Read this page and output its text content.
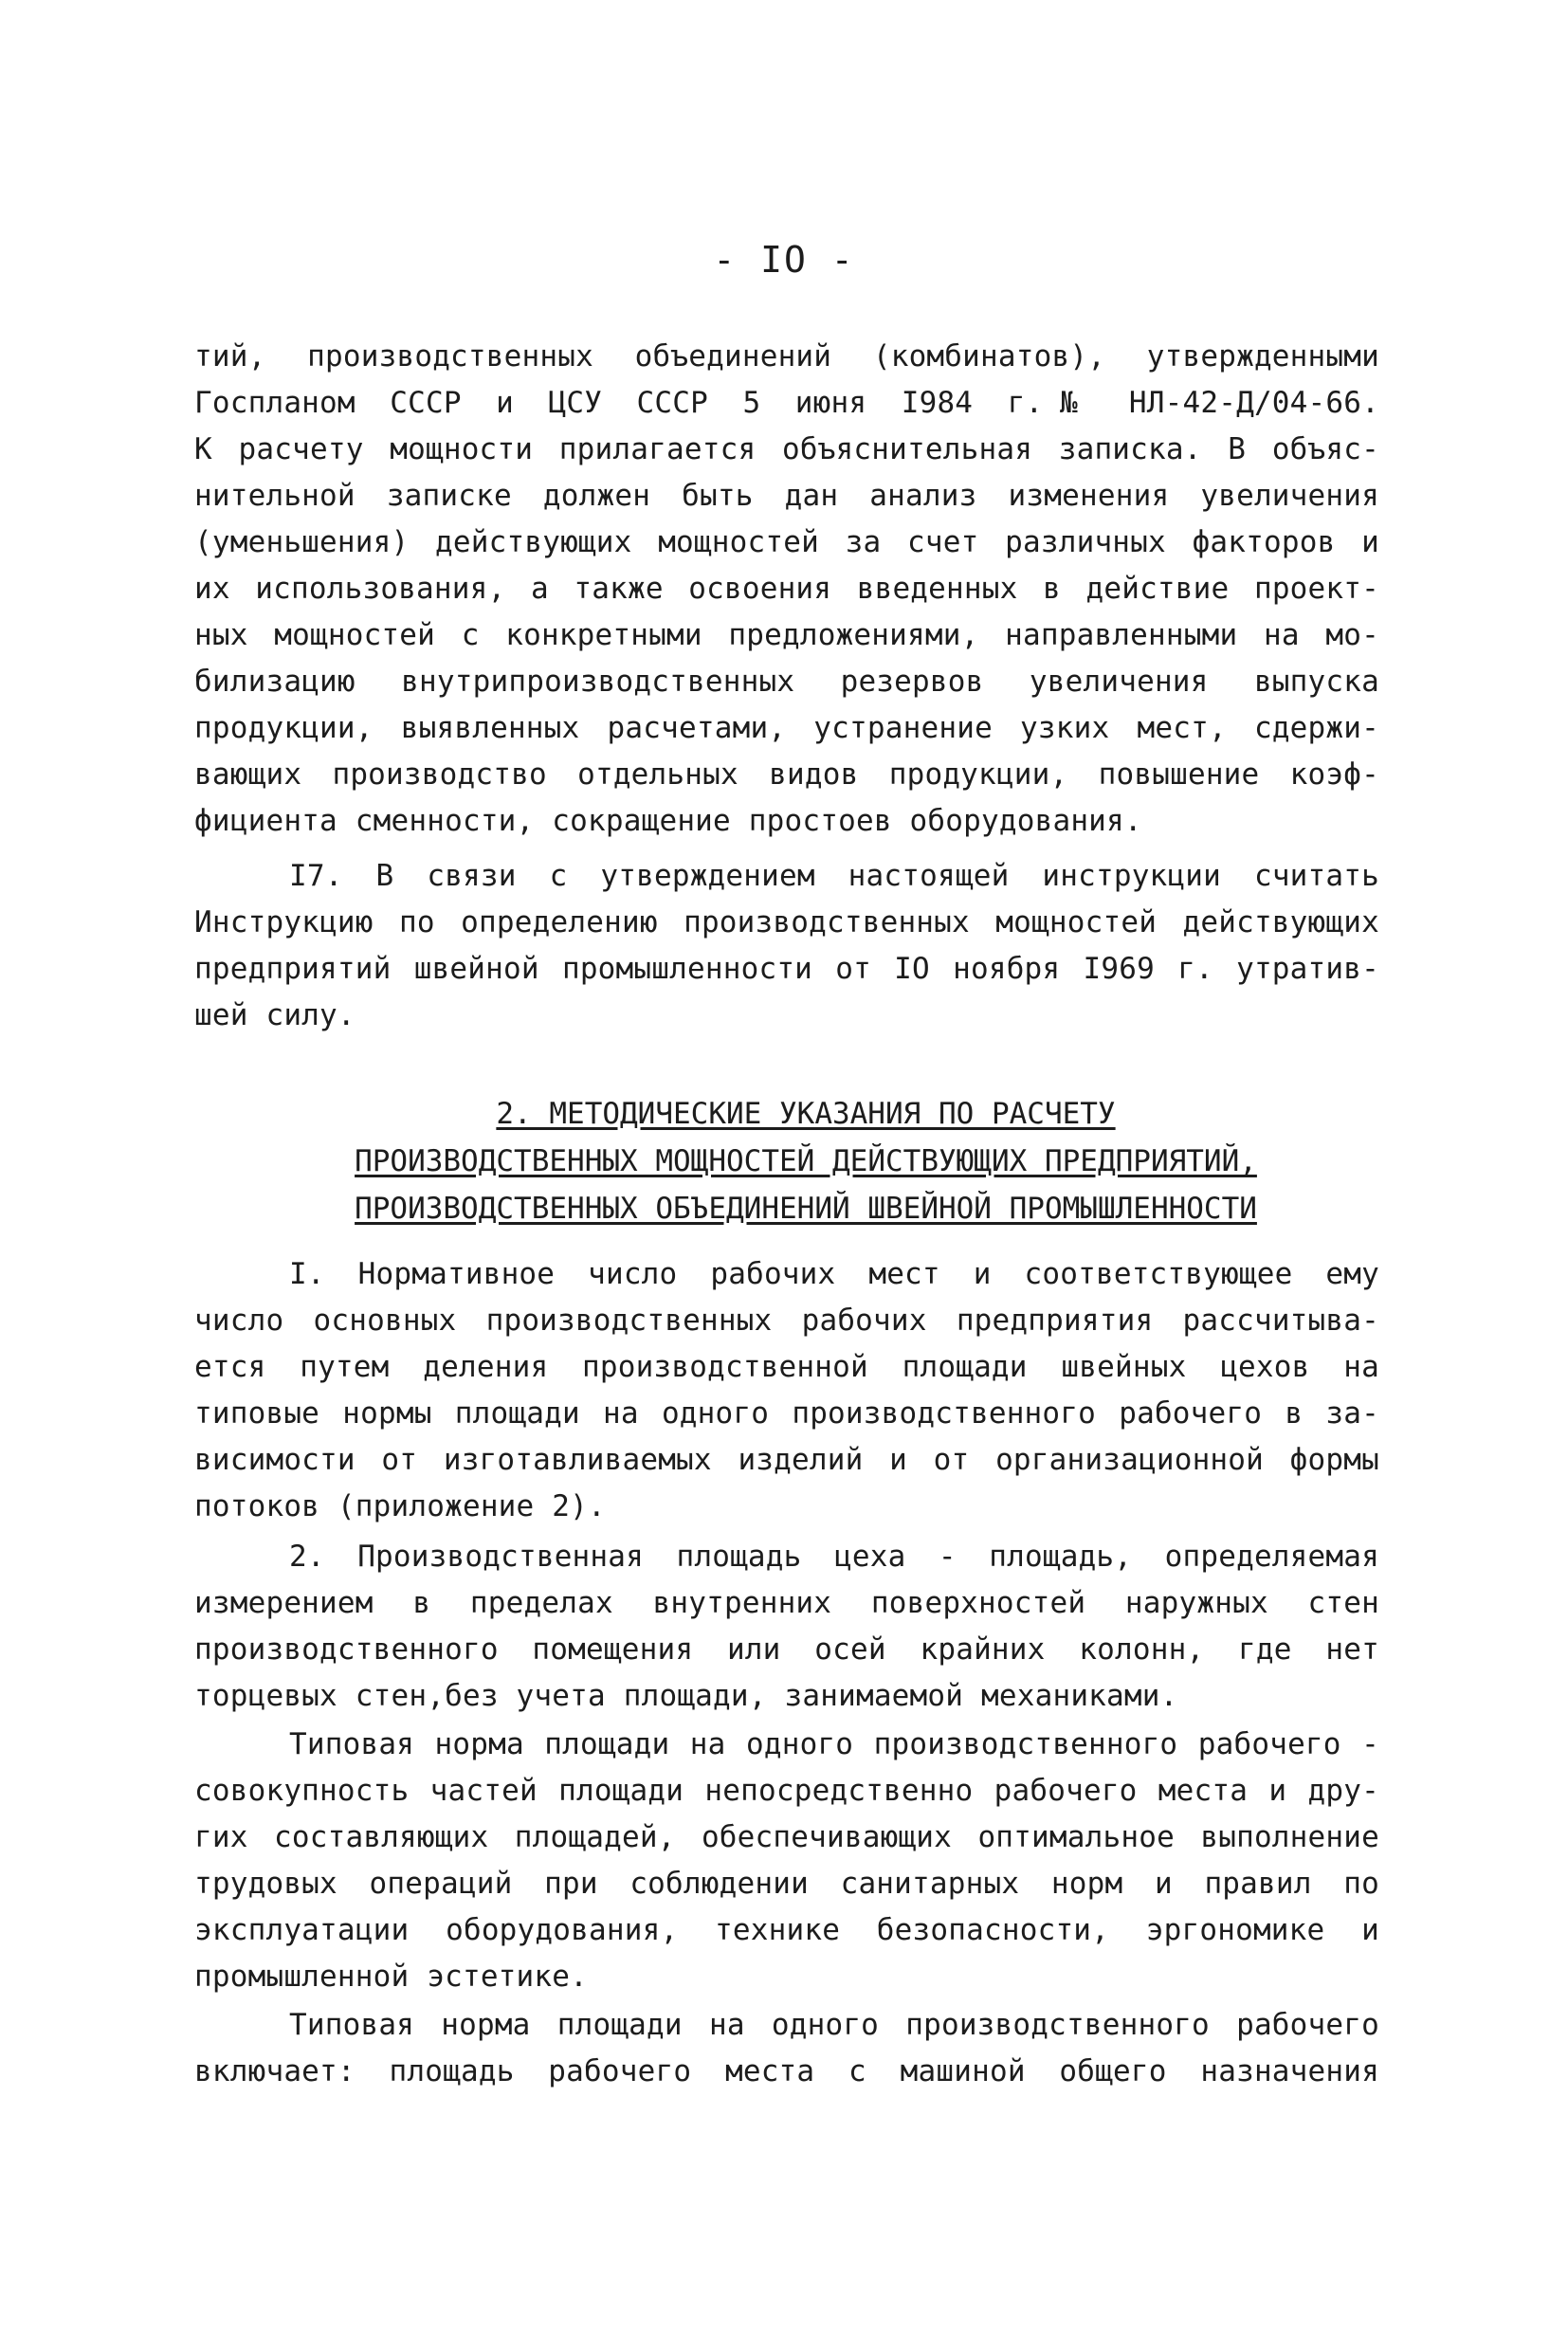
- IO -
тий, производственных объединений (комбинатов), утвержденными
Госпланом СССР и ЦСУ СССР 5 июня I984 г.№ НЛ-42-Д/04-66.
К расчету мощности прилагается объяснительная записка. В объяс-
нительной записке должен быть дан анализ изменения увеличения
(уменьшения) действующих мощностей за счет различных факторов и
их использования, а также освоения введенных в действие проект-
ных мощностей с конкретными предложениями, направленными на мо-
билизацию внутрипроизводственных резервов увеличения выпуска
продукции, выявленных расчетами, устранение узких мест, сдержи-
вающих производство отдельных видов продукции, повышение коэф-
фициента сменности, сокращение простоев оборудования.
I7. В связи с утверждением настоящей инструкции считать
Инструкцию по определению производственных мощностей действующих
предприятий швейной промышленности от IO ноября I969 г. утратив-
шей силу.
2. МЕТОДИЧЕСКИЕ УКАЗАНИЯ ПО РАСЧЕТУ
ПРОИЗВОДСТВЕННЫХ МОЩНОСТЕЙ ДЕЙСТВУЮЩИХ ПРЕДПРИЯТИЙ,
ПРОИЗВОДСТВЕННЫХ ОБЪЕДИНЕНИЙ ШВЕЙНОЙ ПРОМЫШЛЕННОСТИ
I. Нормативное число рабочих мест и соответствующее ему
число основных производственных рабочих предприятия рассчитыва-
ется путем деления производственной площади швейных цехов на
типовые нормы площади на одного производственного рабочего в за-
висимости от изготавливаемых изделий и от организационной формы
потоков (приложение 2).
2. Производственная площадь цеха - площадь, определяемая
измерением в пределах внутренних поверхностей наружных стен
производственного помещения или осей крайних колонн, где нет
торцевых стен,без учета площади, занимаемой механиками.
Типовая норма площади на одного производственного рабочего -
совокупность частей площади непосредственно рабочего места и дру-
гих составляющих площадей, обеспечивающих оптимальное выполнение
трудовых операций при соблюдении санитарных норм и правил по
эксплуатации оборудования, технике безопасности, эргономике и
промышленной эстетике.
Типовая норма площади на одного производственного рабочего
включает: площадь рабочего места с машиной общего назначения
